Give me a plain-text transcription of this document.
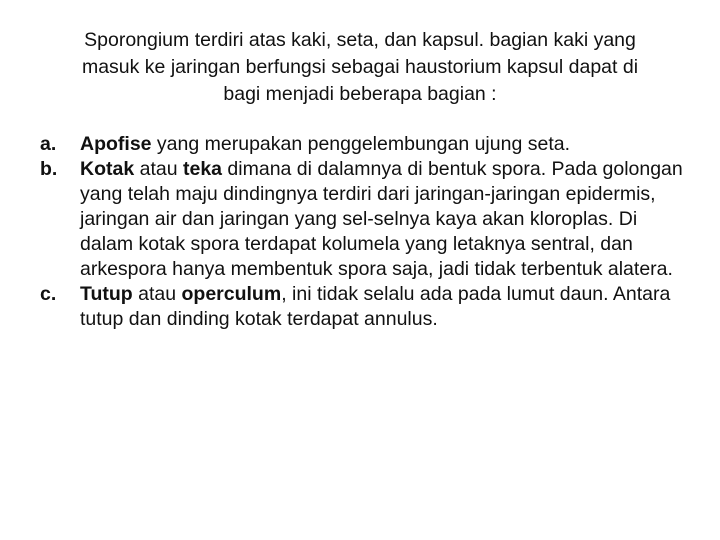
Sporongium terdiri atas kaki, seta, dan kapsul. bagian kaki yang
masuk ke jaringan berfungsi sebagai haustorium kapsul dapat di
bagi menjadi beberapa bagian :
a.	Apofise yang merupakan penggelembungan ujung seta.
b.	Kotak atau teka dimana di dalamnya di bentuk spora. Pada golongan yang telah maju dindingnya terdiri dari jaringan-jaringan epidermis, jaringan air dan jaringan yang sel-selnya kaya akan kloroplas. Di dalam kotak spora terdapat kolumela yang letaknya sentral, dan arkespora hanya membentuk spora saja, jadi tidak terbentuk alatera.
c.	Tutup atau operculum, ini tidak selalu ada pada lumut daun. Antara tutup dan dinding kotak terdapat annulus.
